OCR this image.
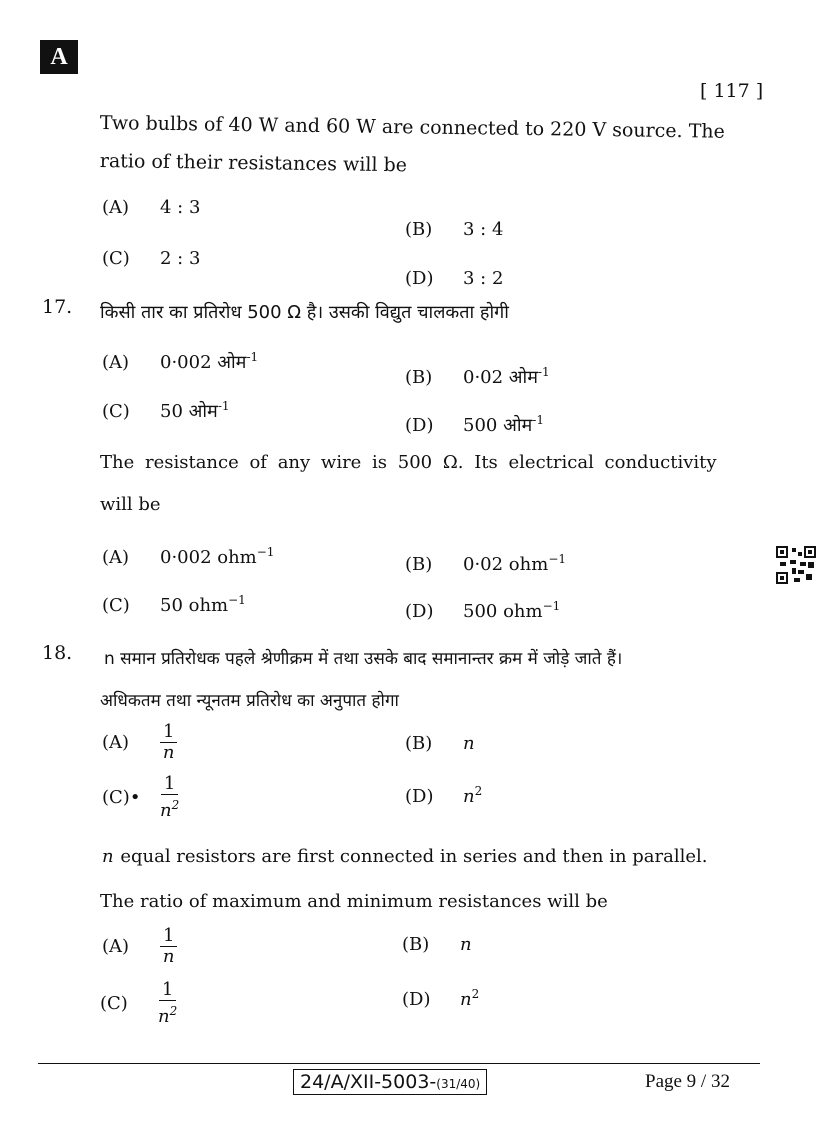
A
[ 117 ]
Two bulbs of 40 W and 60 W are connected to 220 V source. The
ratio of their resistances will be
(A) 4 : 3
(B) 3 : 4
(C) 2 : 3
(D) 3 : 2
17. किसी तार का प्रतिरोध 500 Ω है। उसकी विद्युत चालकता होगी
(A) 0·002 ओम$^{-1}$
(B) 0·02 ओम$^{-1}$
(C) 50 ओम$^{-1}$
(D) 500 ओम$^{-1}$
The resistance of any wire is 500 Ω. Its electrical conductivity
will be
(A) 0·002 ohm$^{-1}$
(B) 0·02 ohm$^{-1}$
(C) 50 ohm$^{-1}$
(D) 500 ohm$^{-1}$
18. n समान प्रतिरोधक पहले श्रेणीक्रम में तथा उसके बाद समानान्तर क्रम में जोड़े जाते हैं।
अधिकतम तथा न्यूनतम प्रतिरोध का अनुपात होगा
(A)	$\frac{1}{n}$	(B) n
(C)•	$\frac{1}{n^2}$	(D) $n^2$
n equal resistors are first connected in series and then in parallel.
The ratio of maximum and minimum resistances will be
(A)	$\frac{1}{n}$	(B) n
(C)	$\frac{1}{n^2}$	(D) $n^2$
24/A/XII-5003-(31/40)	Page 9 / 32
